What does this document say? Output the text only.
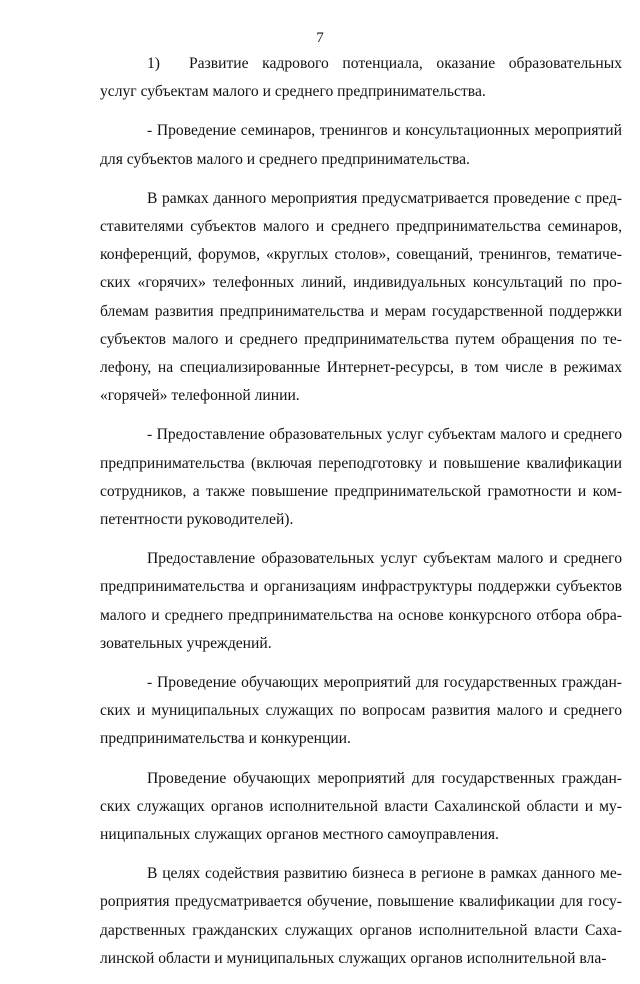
7

1) Развитие кадрового потенциала, оказание образовательных услуг субъектам малого и среднего предпринимательства.

- Проведение семинаров, тренингов и консультационных мероприятий для субъектов малого и среднего предпринимательства.

В рамках данного мероприятия предусматривается проведение с представителями субъектов малого и среднего предпринимательства семинаров, конференций, форумов, «круглых столов», совещаний, тренингов, тематических «горячих» телефонных линий, индивидуальных консультаций по проблемам развития предпринимательства и мерам государственной поддержки субъектов малого и среднего предпринимательства путем обращения по телефону, на специализированные Интернет-ресурсы, в том числе в режимах «горячей» телефонной линии.

- Предоставление образовательных услуг субъектам малого и среднего предпринимательства (включая переподготовку и повышение квалификации сотрудников, а также повышение предпринимательской грамотности и компетентности руководителей).

Предоставление образовательных услуг субъектам малого и среднего предпринимательства и организациям инфраструктуры поддержки субъектов малого и среднего предпринимательства на основе конкурсного отбора образовательных учреждений.

- Проведение обучающих мероприятий для государственных гражданских и муниципальных служащих по вопросам развития малого и среднего предпринимательства и конкуренции.

Проведение обучающих мероприятий для государственных гражданских служащих органов исполнительной власти Сахалинской области и муниципальных служащих органов местного самоуправления.

В целях содействия развитию бизнеса в регионе в рамках данного мероприятия предусматривается обучение, повышение квалификации для государственных гражданских служащих органов исполнительной власти Сахалинской области и муниципальных служащих органов исполнительной вла-
